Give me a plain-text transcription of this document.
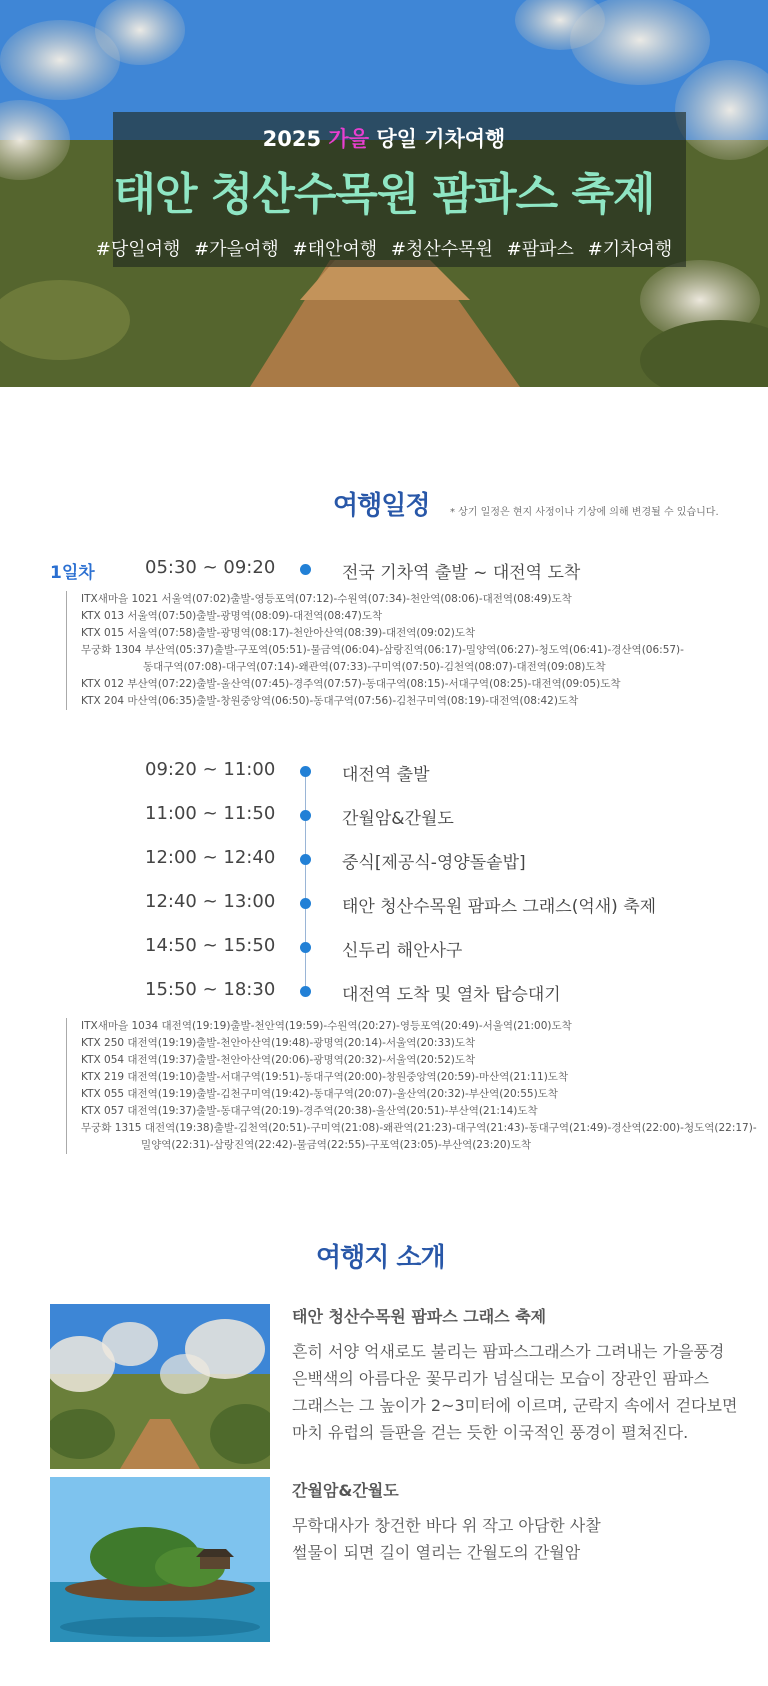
2025 가을 당일 기차여행
태안 청산수목원 팜파스 축제
#당일여행 #가을여행 #태안여행 #청산수목원 #팜파스 #기차여행
여행일정 * 상기 일정은 현지 사정이나 기상에 의해 변경될 수 있습니다.
1일차	05:30 ~ 09:20	전국 기차역 출발 ~ 대전역 도착
ITX새마을 1021 서울역(07:02)출발-영등포역(07:12)-수원역(07:34)-천안역(08:06)-대전역(08:49)도착
KTX 013 서울역(07:50)출발-광명역(08:09)-대전역(08:47)도착
KTX 015 서울역(07:58)출발-광명역(08:17)-천안아산역(08:39)-대전역(09:02)도착
무궁화 1304 부산역(05:37)출발-구포역(05:51)-물금역(06:04)-삼랑진역(06:17)-밀양역(06:27)-청도역(06:41)-경산역(06:57)-
동대구역(07:08)-대구역(07:14)-왜관역(07:33)-구미역(07:50)-김천역(08:07)-대전역(09:08)도착
KTX 012 부산역(07:22)출발-울산역(07:45)-경주역(07:57)-동대구역(08:15)-서대구역(08:25)-대전역(09:05)도착
KTX 204 마산역(06:35)출발-창원중앙역(06:50)-동대구역(07:56)-김천구미역(08:19)-대전역(08:42)도착
09:20 ~ 11:00	대전역 출발
11:00 ~ 11:50	간월암&간월도
12:00 ~ 12:40	중식[제공식-영양돌솥밥]
12:40 ~ 13:00	태안 청산수목원 팜파스 그래스(억새) 축제
14:50 ~ 15:50	신두리 해안사구
15:50 ~ 18:30	대전역 도착 및 열차 탑승대기
ITX새마을 1034 대전역(19:19)출발-천안역(19:59)-수원역(20:27)-영등포역(20:49)-서울역(21:00)도착
KTX 250 대전역(19:19)출발-천안아산역(19:48)-광명역(20:14)-서울역(20:33)도착
KTX 054 대전역(19:37)출발-천안아산역(20:06)-광명역(20:32)-서울역(20:52)도착
KTX 219 대전역(19:10)출발-서대구역(19:51)-동대구역(20:00)-창원중앙역(20:59)-마산역(21:11)도착
KTX 055 대전역(19:19)출발-김천구미역(19:42)-동대구역(20:07)-울산역(20:32)-부산역(20:55)도착
KTX 057 대전역(19:37)출발-동대구역(20:19)-경주역(20:38)-울산역(20:51)-부산역(21:14)도착
무궁화 1315 대전역(19:38)출발-김천역(20:51)-구미역(21:08)-왜관역(21:23)-대구역(21:43)-동대구역(21:49)-경산역(22:00)-청도역(22:17)-
밀양역(22:31)-삼랑진역(22:42)-물금역(22:55)-구포역(23:05)-부산역(23:20)도착
여행지 소개
태안 청산수목원 팜파스 그래스 축제
흔히 서양 억새로도 불리는 팜파스그래스가 그려내는 가을풍경
은백색의 아름다운 꽃무리가 넘실대는 모습이 장관인 팜파스
그래스는 그 높이가 2~3미터에 이르며, 군락지 속에서 걷다보면
마치 유럽의 들판을 걷는 듯한 이국적인 풍경이 펼쳐진다.
간월암&간월도
무학대사가 창건한 바다 위 작고 아담한 사찰
썰물이 되면 길이 열리는 간월도의 간월암
